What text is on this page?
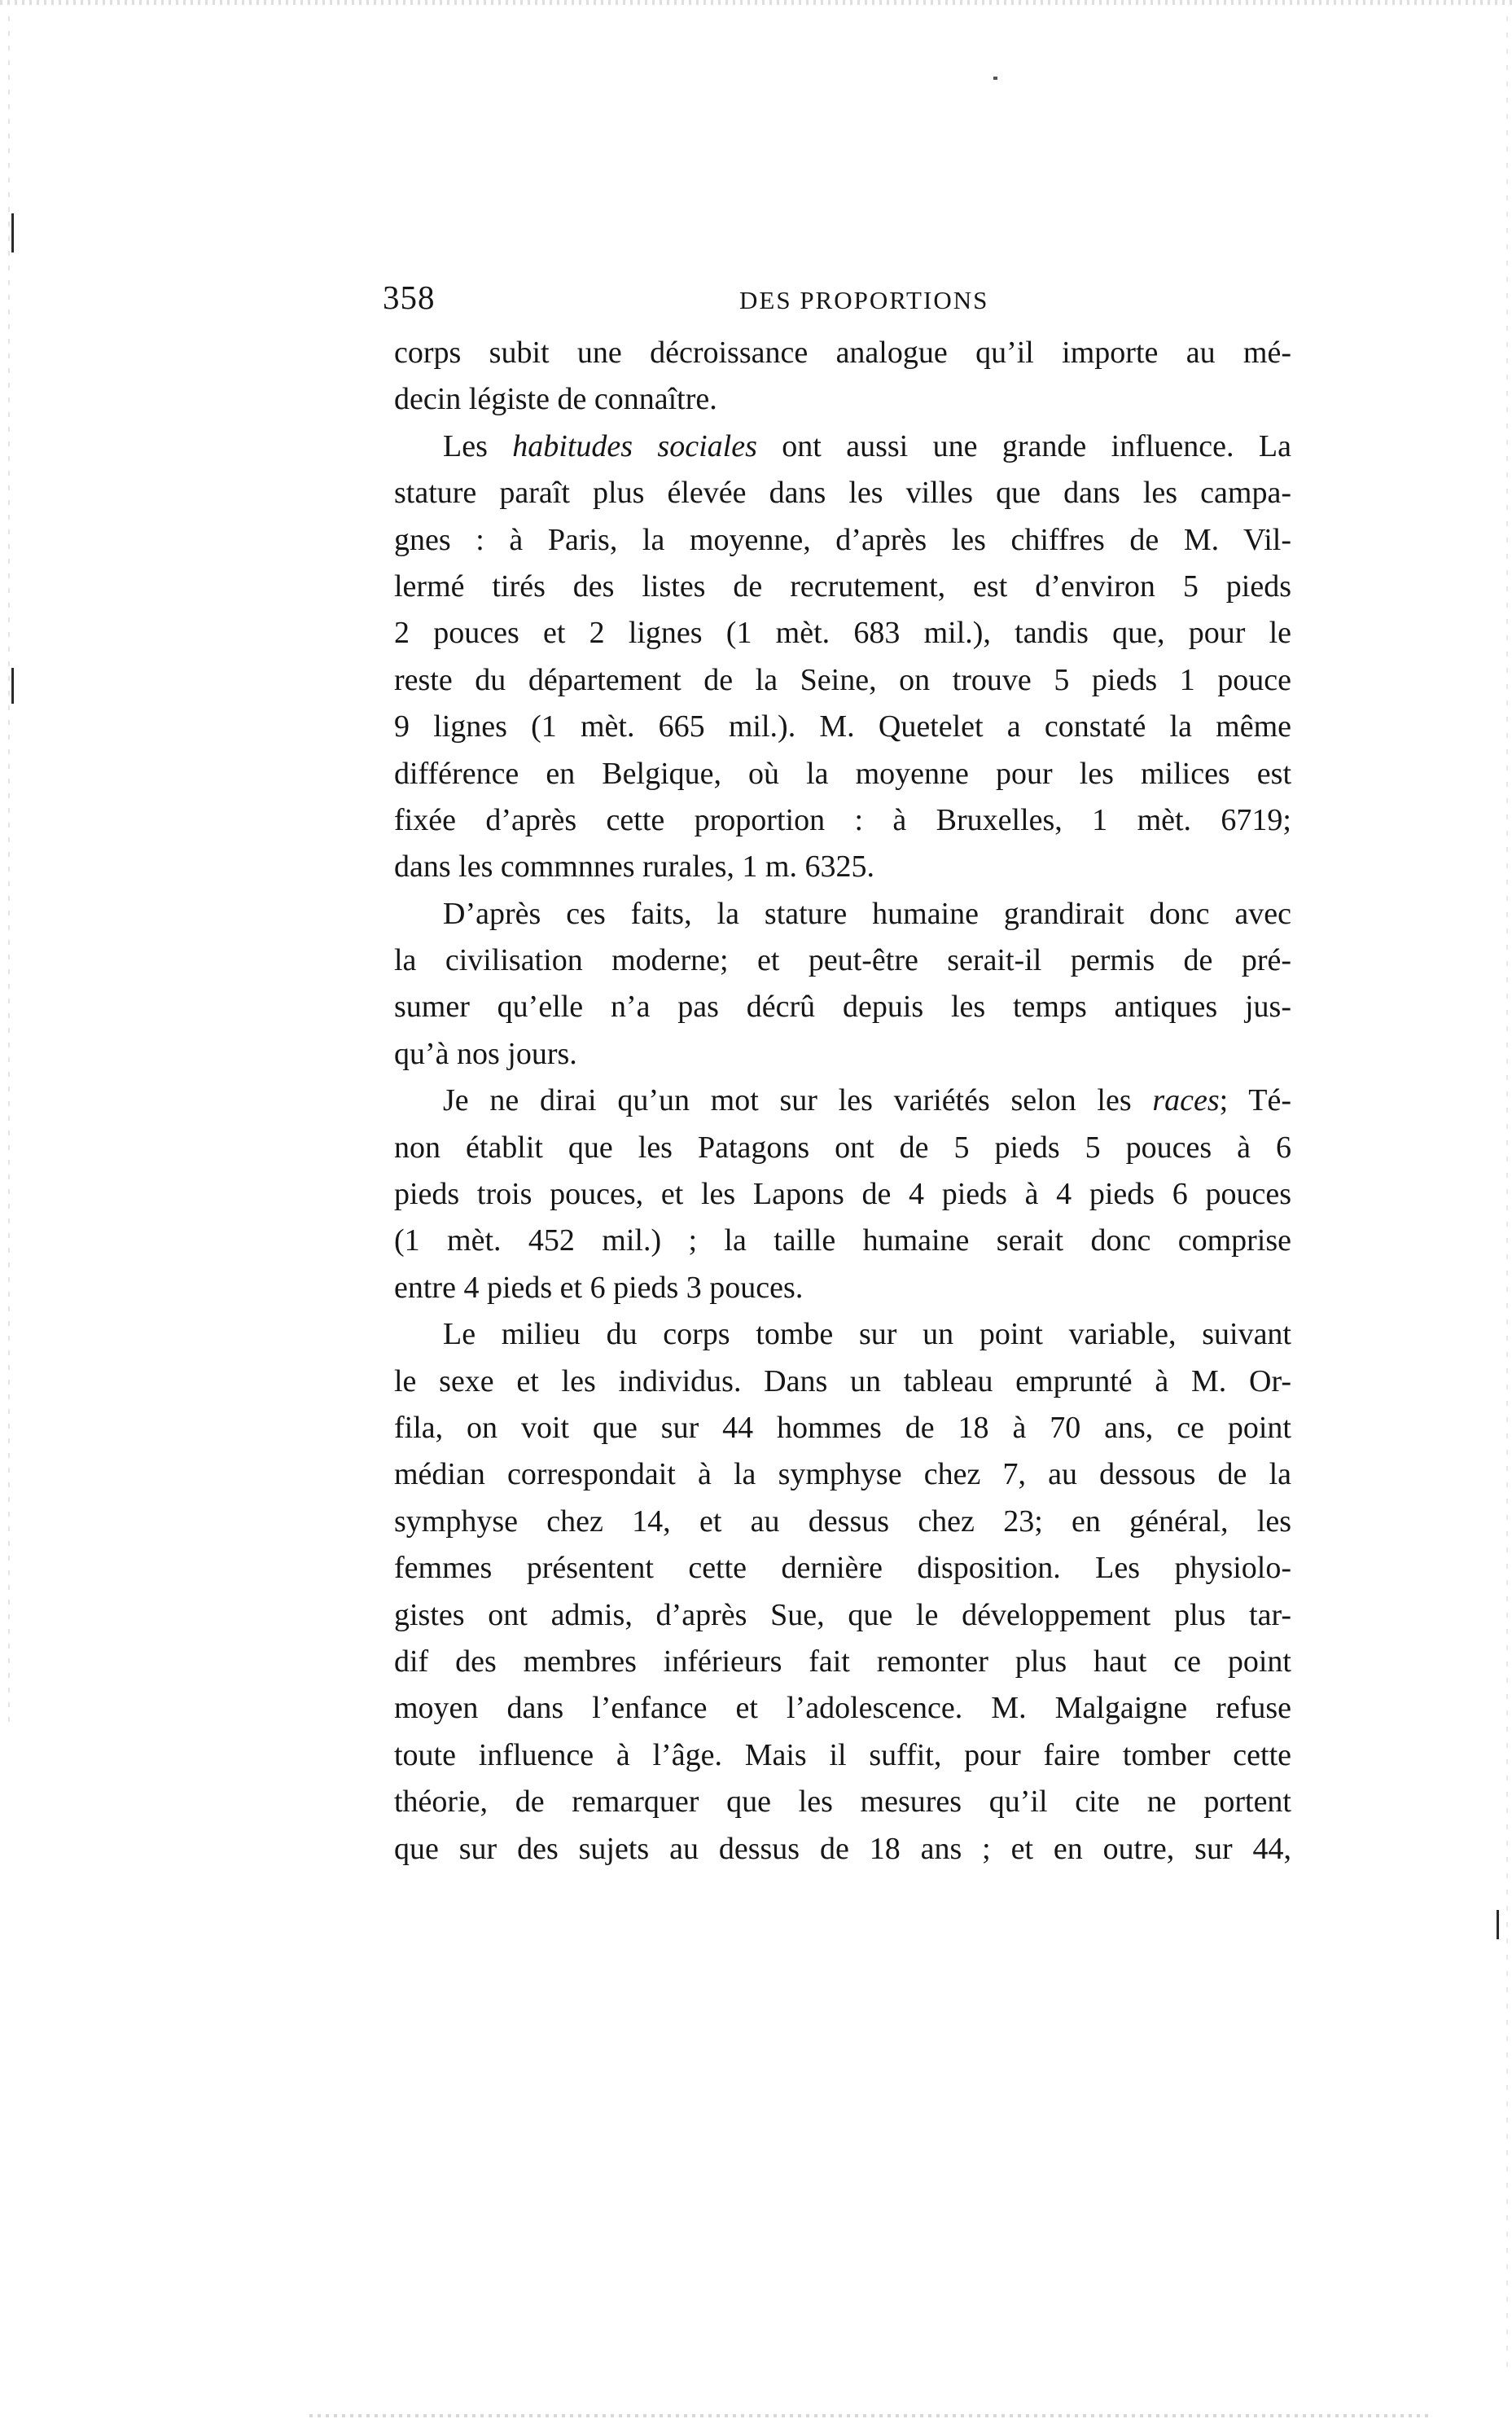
358	DES PROPORTIONS
corps subit une décroissance analogue qu’il importe au mé-
decin légiste de connaître.
Les habitudes sociales ont aussi une grande influence. La
stature paraît plus élevée dans les villes que dans les campa-
gnes : à Paris, la moyenne, d’après les chiffres de M. Vil-
lermé tirés des listes de recrutement, est d’environ 5 pieds
2 pouces et 2 lignes (1 mèt. 683 mil.), tandis que, pour le
reste du département de la Seine, on trouve 5 pieds 1 pouce
9 lignes (1 mèt. 665 mil.). M. Quetelet a constaté la même
différence en Belgique, où la moyenne pour les milices est
fixée d’après cette proportion : à Bruxelles, 1 mèt. 6719;
dans les commnnes rurales, 1 m. 6325.
D’après ces faits, la stature humaine grandirait donc avec
la civilisation moderne; et peut-être serait-il permis de pré-
sumer qu’elle n’a pas décrû depuis les temps antiques jus-
qu’à nos jours.
Je ne dirai qu’un mot sur les variétés selon les races; Té-
non établit que les Patagons ont de 5 pieds 5 pouces à 6
pieds trois pouces, et les Lapons de 4 pieds à 4 pieds 6 pouces
(1 mèt. 452 mil.) ; la taille humaine serait donc comprise
entre 4 pieds et 6 pieds 3 pouces.
Le milieu du corps tombe sur un point variable, suivant
le sexe et les individus. Dans un tableau emprunté à M. Or-
fila, on voit que sur 44 hommes de 18 à 70 ans, ce point
médian correspondait à la symphyse chez 7, au dessous de la
symphyse chez 14, et au dessus chez 23; en général, les
femmes présentent cette dernière disposition. Les physiolo-
gistes ont admis, d’après Sue, que le développement plus tar-
dif des membres inférieurs fait remonter plus haut ce point
moyen dans l’enfance et l’adolescence. M. Malgaigne refuse
toute influence à l’âge. Mais il suffit, pour faire tomber cette
théorie, de remarquer que les mesures qu’il cite ne portent
que sur des sujets au dessus de 18 ans ; et en outre, sur 44,
